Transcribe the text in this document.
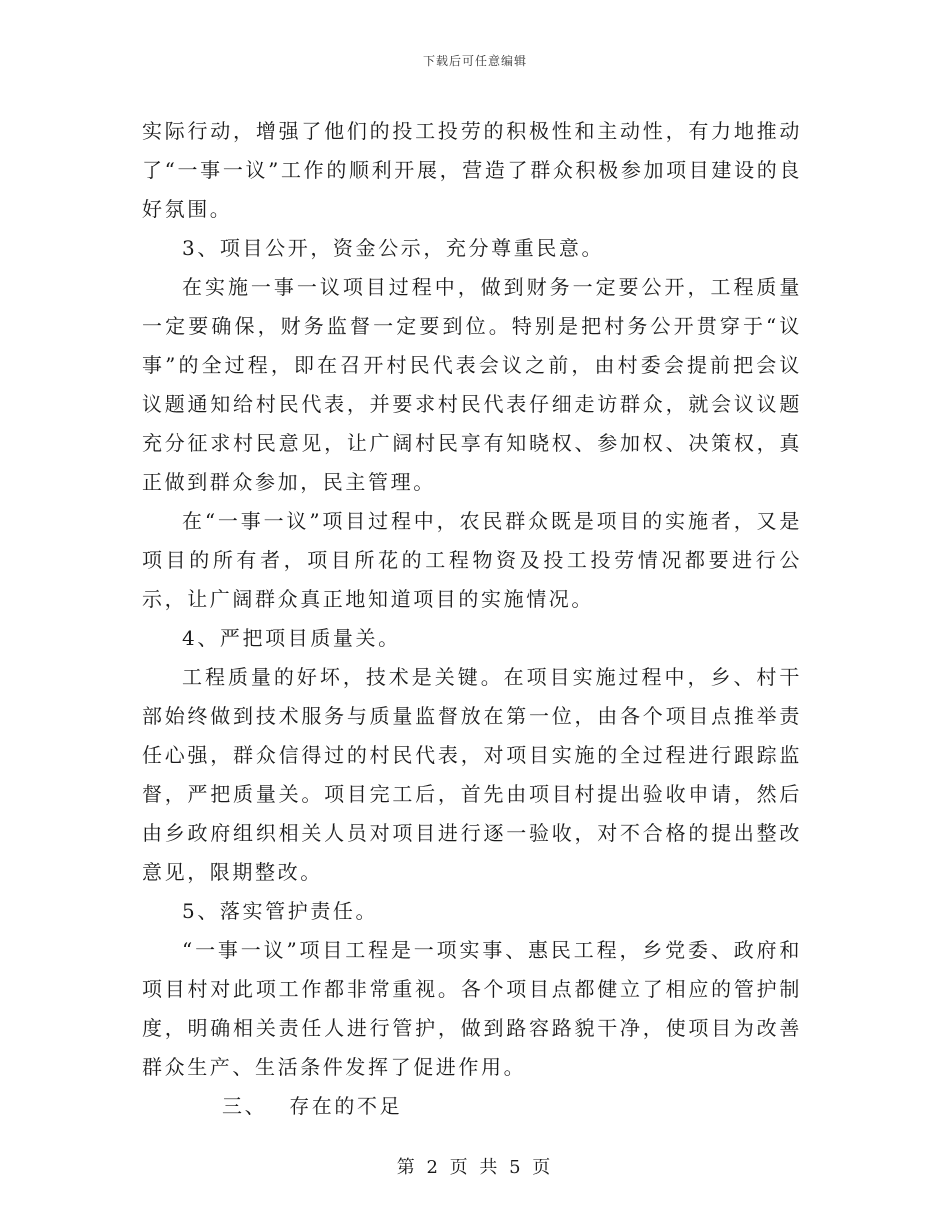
下载后可任意编辑

实际行动，增强了他们的投工投劳的积极性和主动性，有力地推动了“一事一议”工作的顺利开展，营造了群众积极参加项目建设的良好氛围。

3、项目公开，资金公示，充分尊重民意。

在实施一事一议项目过程中，做到财务一定要公开，工程质量一定要确保，财务监督一定要到位。特别是把村务公开贯穿于“议事”的全过程，即在召开村民代表会议之前，由村委会提前把会议议题通知给村民代表，并要求村民代表仔细走访群众，就会议议题充分征求村民意见，让广阔村民享有知晓权、参加权、决策权，真正做到群众参加，民主管理。

在“一事一议”项目过程中，农民群众既是项目的实施者，又是项目的所有者，项目所花的工程物资及投工投劳情况都要进行公示，让广阔群众真正地知道项目的实施情况。

4、严把项目质量关。

工程质量的好坏，技术是关键。在项目实施过程中，乡、村干部始终做到技术服务与质量监督放在第一位，由各个项目点推举责任心强，群众信得过的村民代表，对项目实施的全过程进行跟踪监督，严把质量关。项目完工后，首先由项目村提出验收申请，然后由乡政府组织相关人员对项目进行逐一验收，对不合格的提出整改意见，限期整改。

5、落实管护责任。

“一事一议”项目工程是一项实事、惠民工程，乡党委、政府和项目村对此项工作都非常重视。各个项目点都健立了相应的管护制度，明确相关责任人进行管护，做到路容路貌干净，使项目为改善群众生产、生活条件发挥了促进作用。

三、 存在的不足

第 2 页 共 5 页
